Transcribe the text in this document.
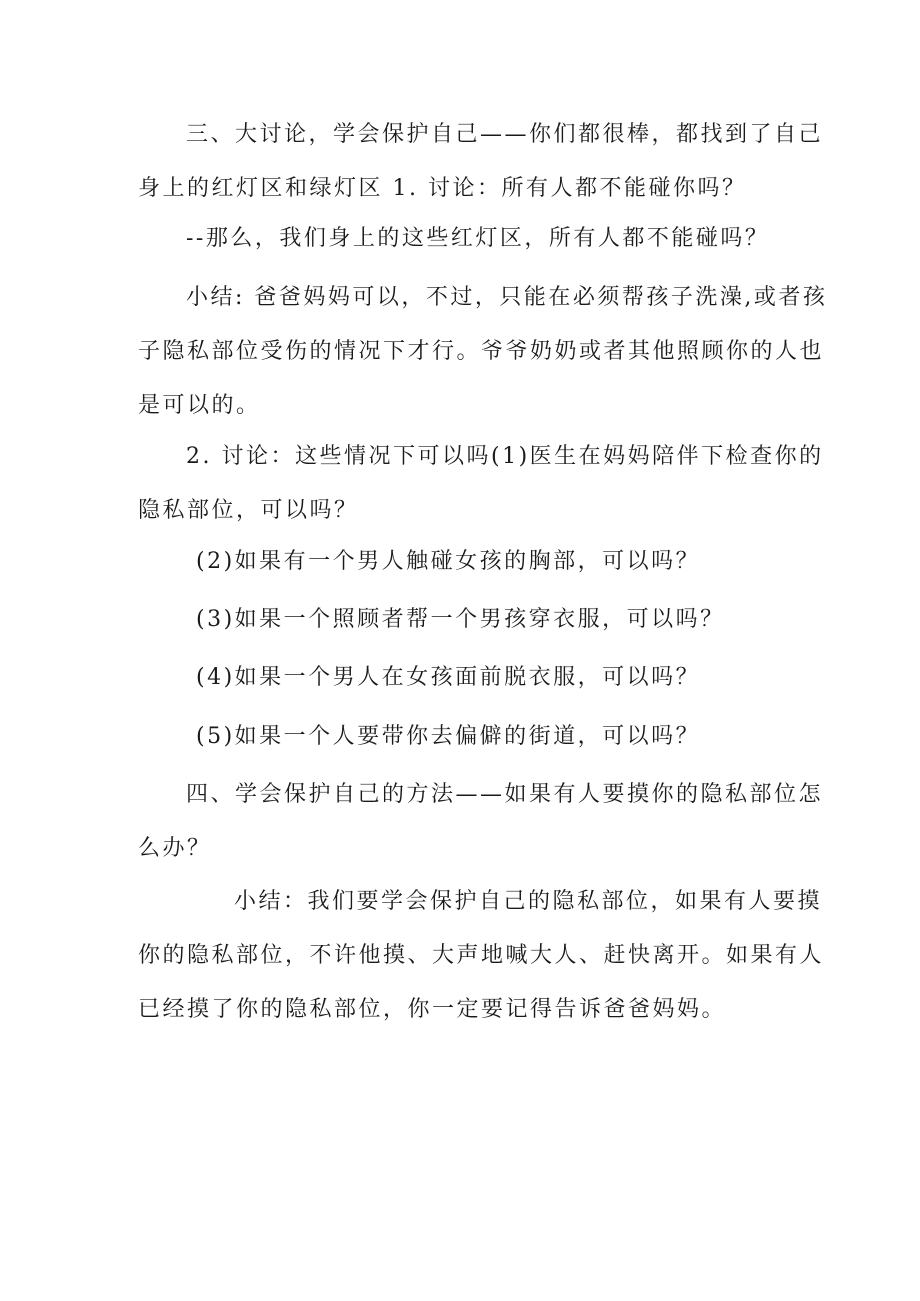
三、大讨论，学会保护自己——你们都很棒，都找到了自己
身上的红灯区和绿灯区 1. 讨论：所有人都不能碰你吗？

--那么，我们身上的这些红灯区，所有人都不能碰吗？

小结: 爸爸妈妈可以，不过，只能在必须帮孩子洗澡,或者孩
子隐私部位受伤的情况下才行。爷爷奶奶或者其他照顾你的人也
是可以的。

2. 讨论：这些情况下可以吗(1)医生在妈妈陪伴下检查你的
隐私部位，可以吗？

(2)如果有一个男人触碰女孩的胸部，可以吗？

(3)如果一个照顾者帮一个男孩穿衣服，可以吗？

(4)如果一个男人在女孩面前脱衣服，可以吗？

(5)如果一个人要带你去偏僻的街道，可以吗？

四、学会保护自己的方法——如果有人要摸你的隐私部位怎
么办？

小结：我们要学会保护自己的隐私部位，如果有人要摸
你的隐私部位，不许他摸、大声地喊大人、赶快离开。如果有人
已经摸了你的隐私部位，你一定要记得告诉爸爸妈妈。
